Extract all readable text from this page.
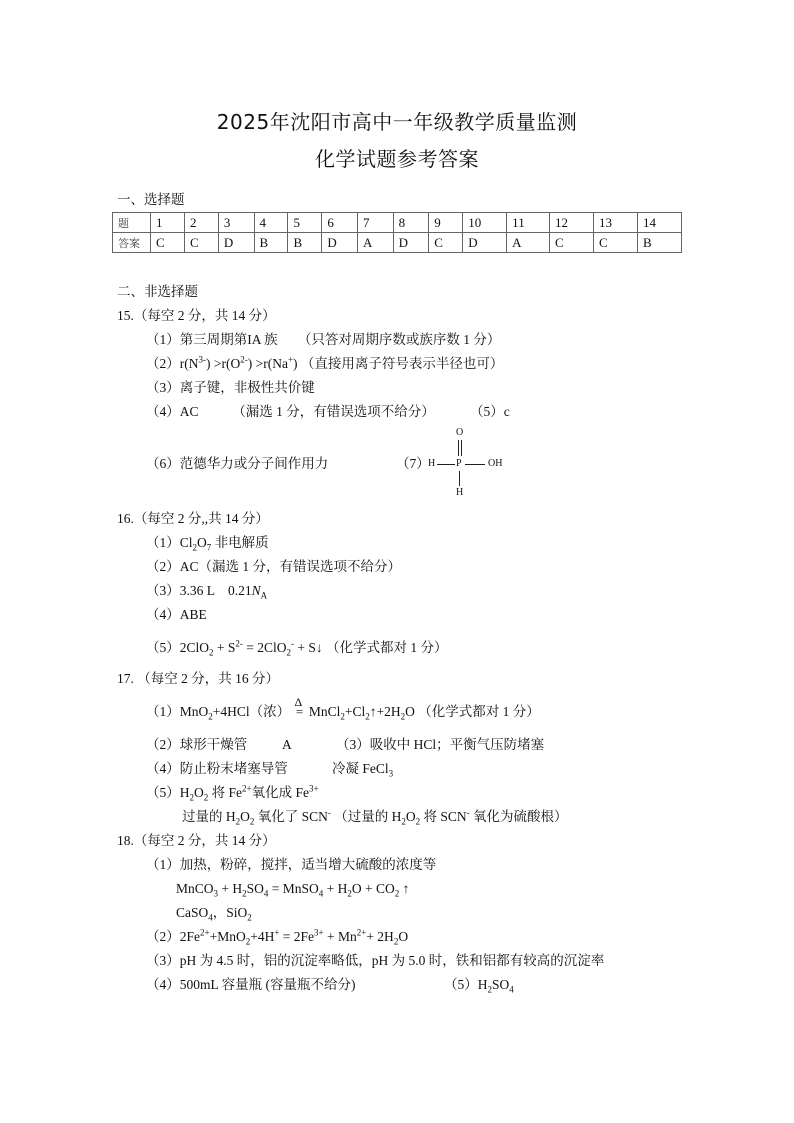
2025年沈阳市高中一年级教学质量监测
化学试题参考答案
一、选择题
题	1	2	3	4	5	6	7	8	9	10	11	12	13	14
答案	C	C	D	B	B	D	A	D	C	D	A	C	C	B
二、非选择题
15.（每空 2 分，共 14 分）
（1）第三周期第IA 族　　（只答对周期序数或族序数 1 分）
$(2)r(N^{3-}) >r(O^{2-}) >r(Na^+)$ （直接用离子符号表示半径也可）
（3）离子键，非极性共价键
（4）AC　　　（漏选 1 分，有错误选项不给分）	（5）c
（6）范德华力或分子间作用力	（7）
O
H P	OH
H
16.（每空 2 分,,共 14 分）
$(1)Cl_2O_7$ 非电解质
（2）AC（漏选 1 分，有错误选项不给分）
（3）3.36 L　$0.21N_A$
（4）ABE
$(5)2ClO_2 + S^{2-} = 2ClO_2^-$ + S↓ （化学式都对 1 分）
17. （每空 2 分，共 16 分）
（1）MnO$_2$+4HCl（浓）
Δ
= $MnCl_2+Cl_2↑+2H_2O$ （化学式都对 1 分）
（2）球形干燥管	A	（3）吸收中 HCl；平衡气压防堵塞
（4）防止粉末堵塞导管	冷凝 FeCl$_3$
$(5)H_2O_2$ 将 $Fe^{2+}$氧化成 $Fe^{3+}$
过量的 $H_2O_2$ 氧化了 SCN- （过量的 $H_2O_2$ 将 SCN- 氧化为硫酸根）
18.（每空 2 分，共 14 分）
（1）加热，粉碎，搅拌，适当增大硫酸的浓度等
MnCO$_3$ + $H_2SO_4$ = MnSO$_4$ + $H_2O + CO_2$ ↑
CaSO$_4$，SiO$_2$
$(2)2Fe^{2+}+MnO_2+4H^+ = 2Fe^{3+} + Mn^{2+}+ 2H_2O$
（3）pH 为 4.5 时，铝的沉淀率略低，pH 为 5.0 时，铁和铝都有较高的沉淀率
（4）500mL 容量瓶 (容量瓶不给分)	$(5)H_2SO_4$
